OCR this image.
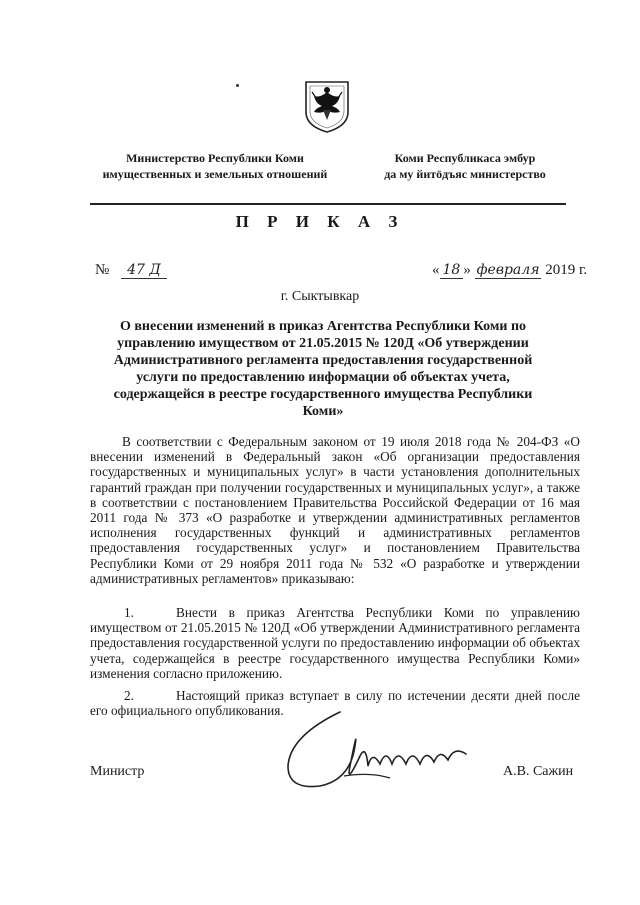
Министерство Республики Коми
имущественных и земельных отношений
Коми Республикаса эмбур
да му йитӧдъяс министерство
П Р И К А З
№ 47 Д	« 18 » февраля 2019 г.
г. Сыктывкар
О внесении изменений в приказ Агентства Республики Коми по управлению имуществом от 21.05.2015 № 120Д «Об утверждении Административного регламента предоставления государственной услуги по предоставлению информации об объектах учета, содержащейся в реестре государственного имущества Республики Коми»
В соответствии с Федеральным законом от 19 июля 2018 года № 204-ФЗ «О внесении изменений в Федеральный закон «Об организации предоставления государственных и муниципальных услуг» в части установления дополнительных гарантий граждан при получении государственных и муниципальных услуг», а также в соответствии с постановлением Правительства Российской Федерации от 16 мая 2011 года № 373 «О разработке и утверждении административных регламентов исполнения государственных функций и административных регламентов предоставления государственных услуг» и постановлением Правительства Республики Коми от 29 ноября 2011 года № 532 «О разработке и утверждении административных регламентов» приказываю:
1.	Внести в приказ Агентства Республики Коми по управлению имуществом от 21.05.2015 № 120Д «Об утверждении Административного регламента предоставления государственной услуги по предоставлению информации об объектах учета, содержащейся в реестре государственного имущества Республики Коми» изменения согласно приложению.
2.	Настоящий приказ вступает в силу по истечении десяти дней после его официального опубликования.
Министр	А.В. Сажин
